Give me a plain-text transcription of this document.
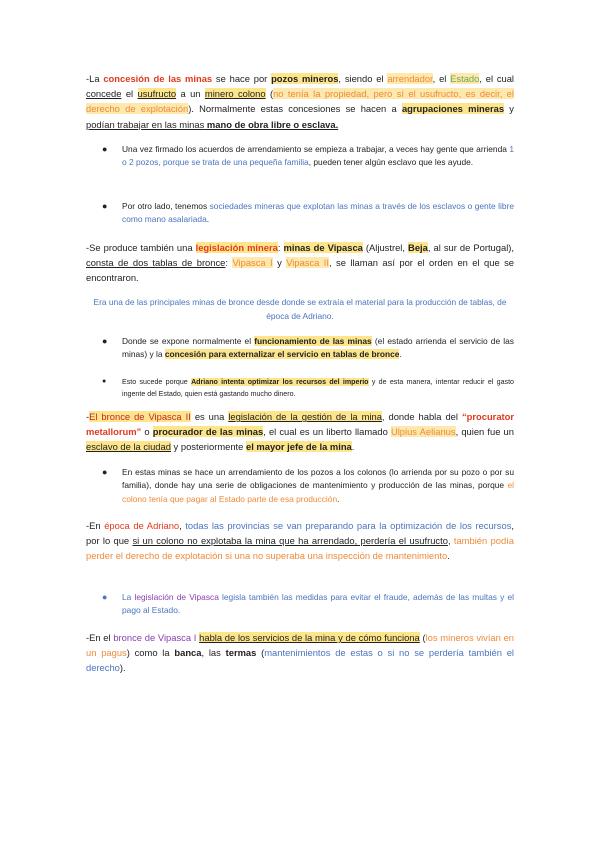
-La concesión de las minas se hace por pozos mineros, siendo el arrendador, el Estado, el cual concede el usufructo a un minero colono (no tenía la propiedad, pero sí el usufructo, es decir, el derecho de explotación). Normalmente estas concesiones se hacen a agrupaciones mineras y podían trabajar en las minas mano de obra libre o esclava.
● Una vez firmado los acuerdos de arrendamiento se empieza a trabajar, a veces hay gente que arrienda 1 o 2 pozos, porque se trata de una pequeña familia, pueden tener algún esclavo que les ayude.
● Por otro lado, tenemos sociedades mineras que explotan las minas a través de los esclavos o gente libre como mano asalariada.
-Se produce también una legislación minera: minas de Vipasca (Aljustrel, Beja, al sur de Portugal), consta de dos tablas de bronce: Vipasca I y Vipasca II, se llaman así por el orden en el que se encontraron.
Era una de las principales minas de bronce desde donde se extraía el material para la producción de tablas, de época de Adriano.
● Donde se expone normalmente el funcionamiento de las minas (el estado arrienda el servicio de las minas) y la concesión para externalizar el servicio en tablas de bronce.
● Esto sucede porque Adriano intenta optimizar los recursos del imperio y de esta manera, intentar reducir el gasto ingente del Estado, quien está gastando mucho dinero.
-El bronce de Vipasca II es una legislación de la gestión de la mina, donde habla del “procurator metallorum” o procurador de las minas, el cual es un liberto llamado Ulpius Aelianus, quien fue un esclavo de la ciudad y posteriormente el mayor jefe de la mina.
● En estas minas se hace un arrendamiento de los pozos a los colonos (lo arrienda por su pozo o por su familia), donde hay una serie de obligaciones de mantenimiento y producción de las minas, porque el colono tenía que pagar al Estado parte de esa producción.
-En época de Adriano, todas las provincias se van preparando para la optimización de los recursos, por lo que si un colono no explotaba la mina que ha arrendado, perdería el usufructo, también podía perder el derecho de explotación si una no superaba una inspección de mantenimiento.
● La legislación de Vipasca legisla también las medidas para evitar el fraude, además de las multas y el pago al Estado.
-En el bronce de Vipasca I habla de los servicios de la mina y de cómo funciona (los mineros vivían en un pagus) como la banca, las termas (mantenimientos de estas o si no se perdería también el derecho).
